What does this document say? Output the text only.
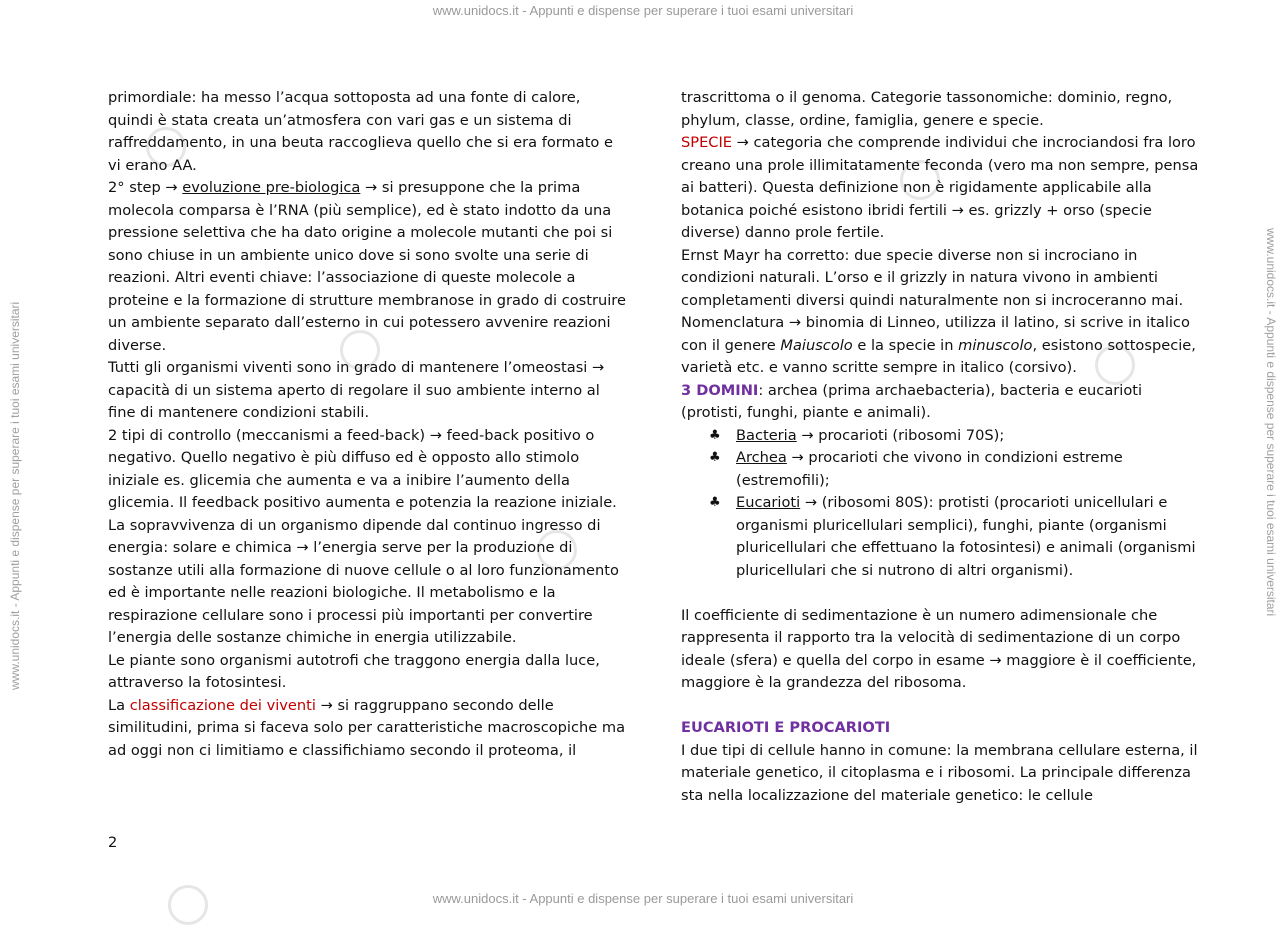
www.unidocs.it - Appunti e dispense per superare i tuoi esami universitari
www.unidocs.it - Appunti e dispense per superare i tuoi esami universitari
www.unidocs.it - Appunti e dispense per superare i tuoi esami universitari	www.unidocs.it - Appunti e dispense per superare i tuoi esami universitari

primordiale: ha messo l’acqua sottoposta ad una fonte di calore, quindi è stata creata un’atmosfera con vari gas e un sistema di raffreddamento, in una beuta raccoglieva quello che si era formato e vi erano AA.

2° step → evoluzione pre-biologica → si presuppone che la prima molecola comparsa è l’RNA (più semplice), ed è stato indotto da una pressione selettiva che ha dato origine a molecole mutanti che poi si sono chiuse in un ambiente unico dove si sono svolte una serie di reazioni. Altri eventi chiave: l’associazione di queste molecole a proteine e la formazione di strutture membranose in grado di costruire un ambiente separato dall’esterno in cui potessero avvenire reazioni diverse.

Tutti gli organismi viventi sono in grado di mantenere l’omeostasi → capacità di un sistema aperto di regolare il suo ambiente interno al fine di mantenere condizioni stabili.

2 tipi di controllo (meccanismi a feed-back) → feed-back positivo o negativo. Quello negativo è più diffuso ed è opposto allo stimolo iniziale es. glicemia che aumenta e va a inibire l’aumento della glicemia. Il feedback positivo aumenta e potenzia la reazione iniziale.

La sopravvivenza di un organismo dipende dal continuo ingresso di energia: solare e chimica → l’energia serve per la produzione di sostanze utili alla formazione di nuove cellule o al loro funzionamento ed è importante nelle reazioni biologiche. Il metabolismo e la respirazione cellulare sono i processi più importanti per convertire l’energia delle sostanze chimiche in energia utilizzabile.

Le piante sono organismi autotrofi che traggono energia dalla luce, attraverso la fotosintesi.

La classificazione dei viventi → si raggruppano secondo delle similitudini, prima si faceva solo per caratteristiche macroscopiche ma ad oggi non ci limitiamo e classifichiamo secondo il proteoma, il

trascrittoma o il genoma. Categorie tassonomiche: dominio, regno, phylum, classe, ordine, famiglia, genere e specie.

SPECIE → categoria che comprende individui che incrociandosi fra loro creano una prole illimitatamente feconda (vero ma non sempre, pensa ai batteri). Questa definizione non è rigidamente applicabile alla botanica poiché esistono ibridi fertili → es. grizzly + orso (specie diverse) danno prole fertile.

Ernst Mayr ha corretto: due specie diverse non si incrociano in condizioni naturali. L’orso e il grizzly in natura vivono in ambienti completamenti diversi quindi naturalmente non si incroceranno mai.

Nomenclatura → binomia di Linneo, utilizza il latino, si scrive in italico con il genere Maiuscolo e la specie in minuscolo, esistono sottospecie, varietà etc. e vanno scritte sempre in italico (corsivo).

3 DOMINI: archea (prima archaebacteria), bacteria e eucarioti (protisti, funghi, piante e animali).

♣ Bacteria → procarioti (ribosomi 70S);
♣ Archea → procarioti che vivono in condizioni estreme (estremofili);
♣ Eucarioti → (ribosomi 80S): protisti (procarioti unicellulari e organismi pluricellulari semplici), funghi, piante (organismi pluricellulari che effettuano la fotosintesi) e animali (organismi pluricellulari che si nutrono di altri organismi).

Il coefficiente di sedimentazione è un numero adimensionale che rappresenta il rapporto tra la velocità di sedimentazione di un corpo ideale (sfera) e quella del corpo in esame → maggiore è il coefficiente, maggiore è la grandezza del ribosoma.

EUCARIOTI E PROCARIOTI

I due tipi di cellule hanno in comune: la membrana cellulare esterna, il materiale genetico, il citoplasma e i ribosomi. La principale differenza sta nella localizzazione del materiale genetico: le cellule

2
